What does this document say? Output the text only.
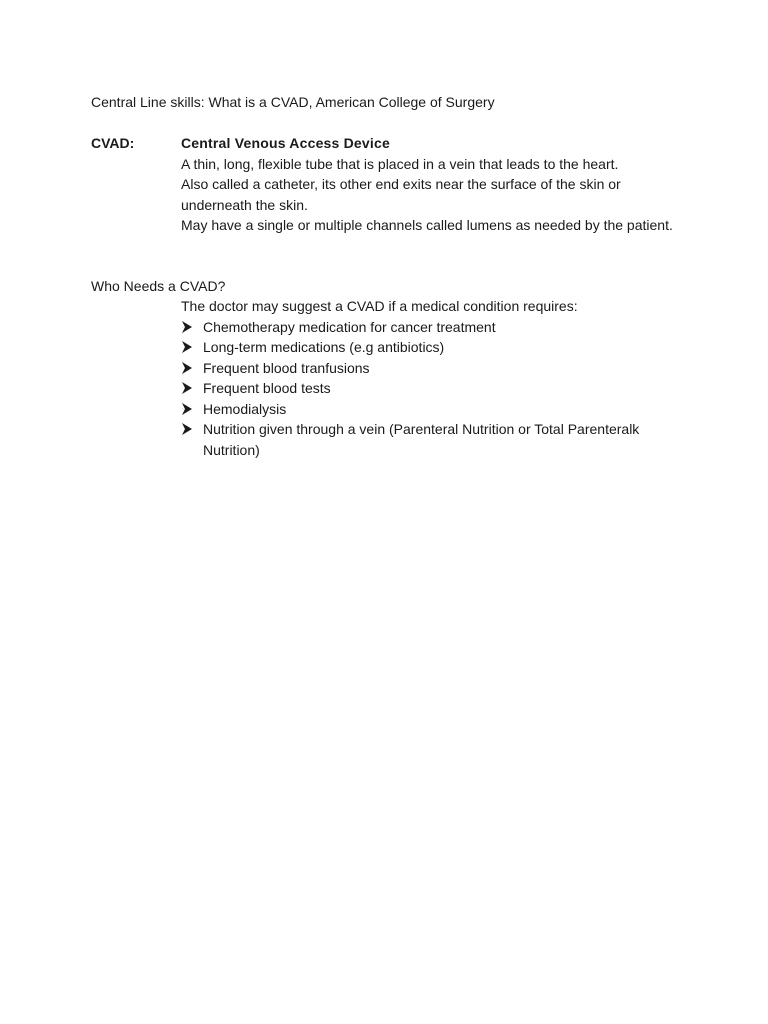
Central Line skills: What is a CVAD, American College of Surgery
CVAD:	Central Venous Access Device

A thin, long, flexible tube that is placed in a vein that leads to the heart.

Also called a catheter, its other end exits near the surface of the skin or underneath the skin.

May have a single or multiple channels called lumens as needed by the patient.

Who Needs a CVAD?
The doctor may suggest a CVAD if a medical condition requires:
Chemotherapy medication for cancer treatment
Long-term medications (e.g antibiotics)
Frequent blood tranfusions
Frequent blood tests
Hemodialysis
Nutrition given through a vein (Parenteral Nutrition or Total Parenteralk Nutrition)
